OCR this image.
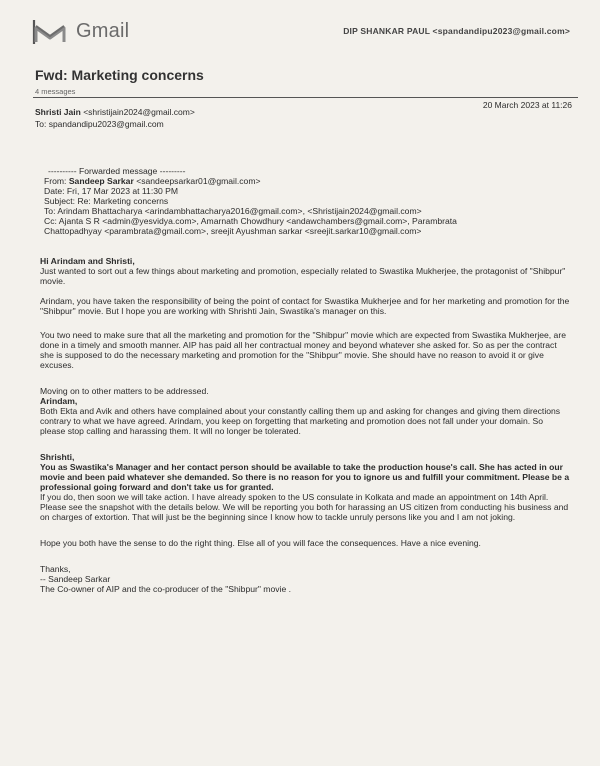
Gmail	DIP SHANKAR PAUL <spandandipu2023@gmail.com>
Fwd: Marketing concerns
4 messages
Shristi Jain <shristijain2024@gmail.com>
To: spandandipu2023@gmail.com
20 March 2023 at 11:26

---------- Forwarded message ---------

From: Sandeep Sarkar <sandeepsarkar01@gmail.com>

Date: Fri, 17 Mar 2023 at 11:30 PM

Subject: Re: Marketing concerns

To: Arindam Bhattacharya <arindambhattacharya2016@gmail.com>, <Shristijain2024@gmail.com>

Cc: Ajanta S R <admin@yesvidya.com>, Amarnath Chowdhury <andawchambers@gmail.com>, Parambrata

Chattopadhyay <parambrata@gmail.com>, sreejit Ayushman sarkar <sreejit.sarkar10@gmail.com>

Hi Arindam and Shristi,
Just wanted to sort out a few things about marketing and promotion, especially related to Swastika Mukherjee, the protagonist of "Shibpur" movie.
Arindam, you have taken the responsibility of being the point of contact for Swastika Mukherjee and for her marketing and promotion for the "Shibpur" movie. But I hope you are working with Shrishti Jain, Swastika's manager on this.
You two need to make sure that all the marketing and promotion for the "Shibpur" movie which are expected from Swastika Mukherjee, are done in a timely and smooth manner. AIP has paid all her contractual money and beyond whatever she asked for. So as per the contract she is supposed to do the necessary marketing and promotion for the "Shibpur" movie. She should have no reason to avoid it or give excuses.
Moving on to other matters to be addressed.
Arindam,
Both Ekta and Avik and others have complained about your constantly calling them up and asking for changes and giving them directions contrary to what we have agreed. Arindam, you keep on forgetting that marketing and promotion does not fall under your domain. So please stop calling and harassing them. It will no longer be tolerated.
Shrishti,
You as Swastika's Manager and her contact person should be available to take the production house's call. She has acted in our movie and been paid whatever she demanded. So there is no reason for you to ignore us and fulfill your commitment. Please be a professional going forward and don't take us for granted.
If you do, then soon we will take action. I have already spoken to the US consulate in Kolkata and made an appointment on 14th April. Please see the snapshot with the details below. We will be reporting you both for harassing an US citizen from conducting his business and on charges of extortion. That will just be the beginning since I know how to tackle unruly persons like you and I am not joking.
Hope you both have the sense to do the right thing. Else all of you will face the consequences. Have a nice evening.
Thanks,
-- Sandeep Sarkar
The Co-owner of AIP and the co-producer of the "Shibpur" movie .
